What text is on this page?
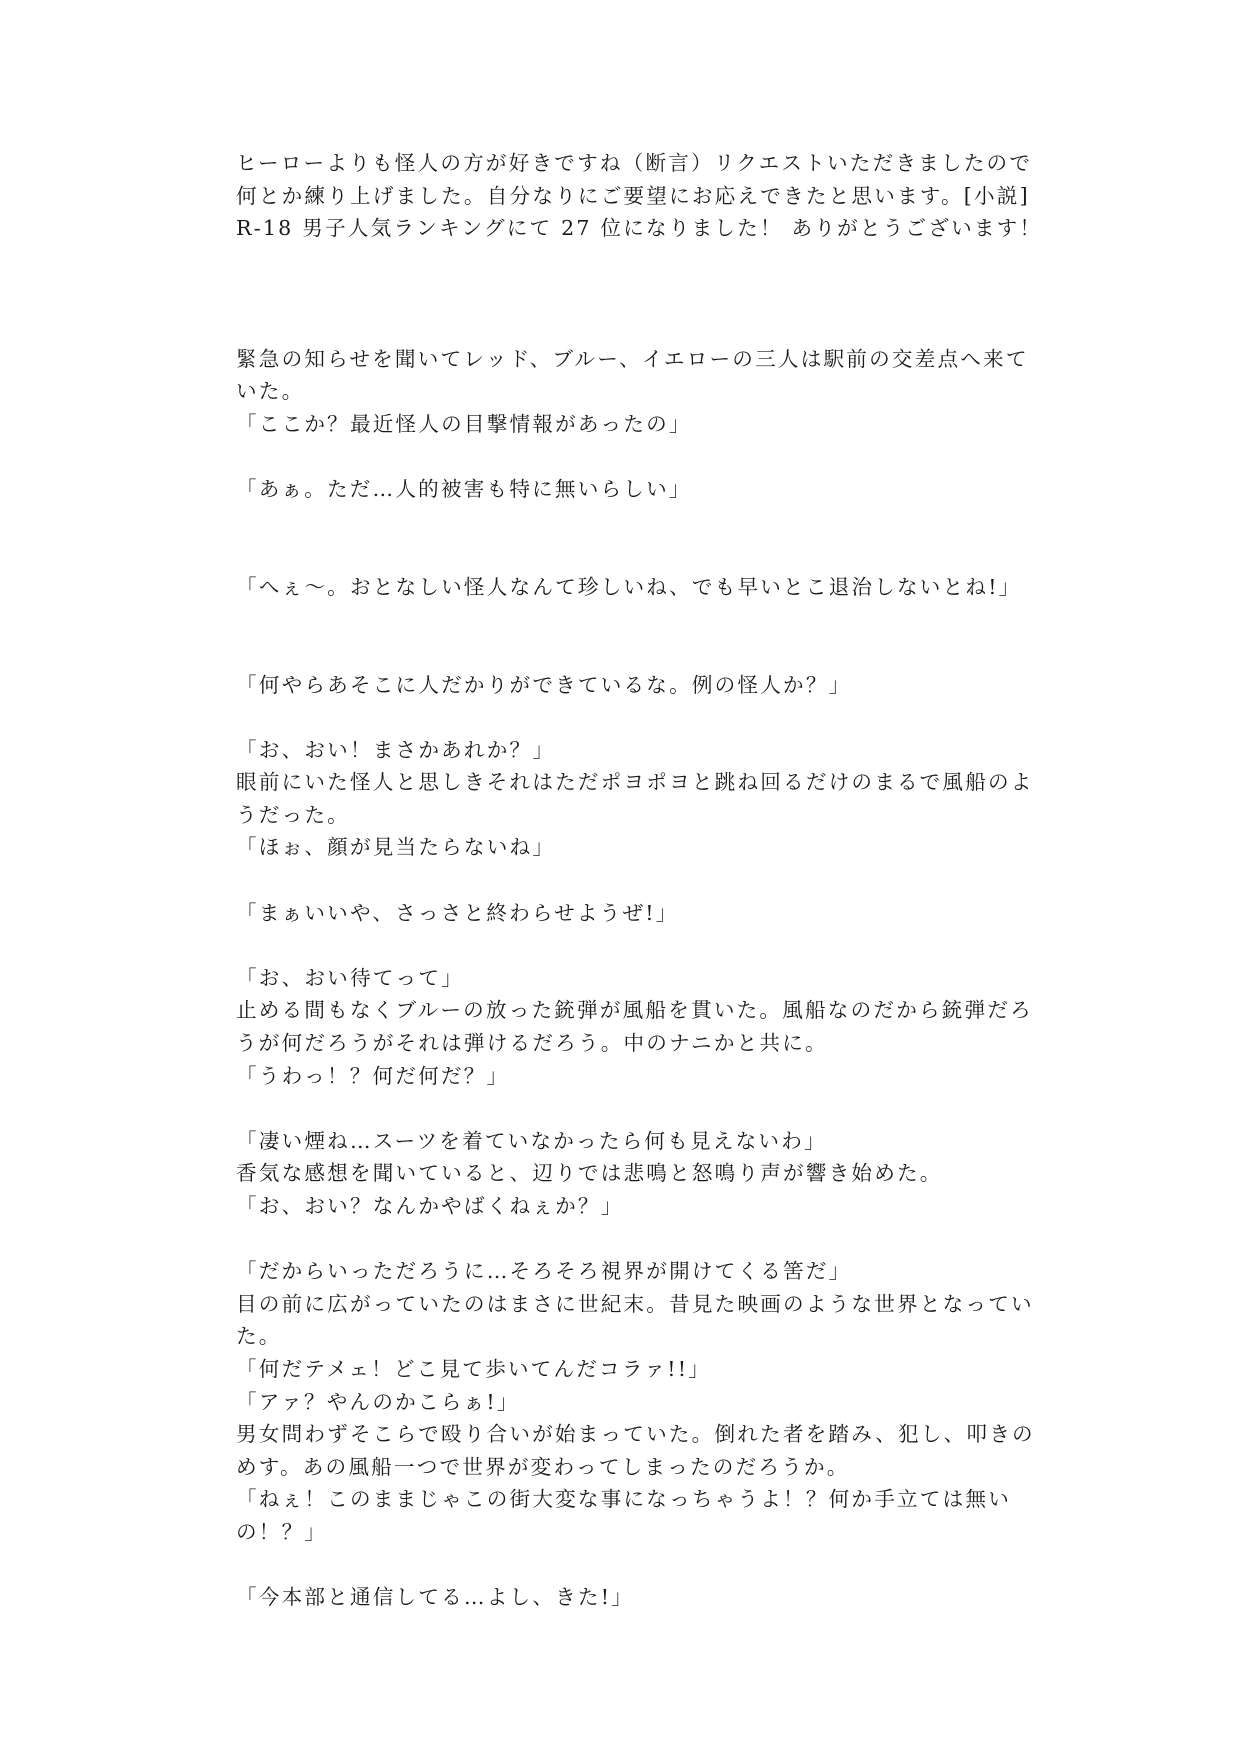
ヒーローよりも怪人の方が好きですね（断言）リクエストいただきましたので
何とか練り上げました。自分なりにご要望にお応えできたと思います。[小説]
R-18 男子人気ランキングにて 27 位になりました！ ありがとうございます！
緊急の知らせを聞いてレッド、ブルー、イエローの三人は駅前の交差点へ来て
いた。
「ここか？最近怪人の目撃情報があったの」
「あぁ。ただ…人的被害も特に無いらしい」
「へぇ〜。おとなしい怪人なんて珍しいね、でも早いとこ退治しないとね!」
「何やらあそこに人だかりができているな。例の怪人か？」
「お、おい！まさかあれか？」
眼前にいた怪人と思しきそれはただポヨポヨと跳ね回るだけのまるで風船のよ
うだった。
「ほぉ、顔が見当たらないね」
「まぁいいや、さっさと終わらせようぜ!」
「お、おい待てって」
止める間もなくブルーの放った銃弾が風船を貫いた。風船なのだから銃弾だろ
うが何だろうがそれは弾けるだろう。中のナニかと共に。
「うわっ！？何だ何だ？」
「凄い煙ね…スーツを着ていなかったら何も見えないわ」
香気な感想を聞いていると、辺りでは悲鳴と怒鳴り声が響き始めた。
「お、おい？なんかやばくねぇか？」
「だからいっただろうに…そろそろ視界が開けてくる筈だ」
目の前に広がっていたのはまさに世紀末。昔見た映画のような世界となってい
た。
「何だテメェ！どこ見て歩いてんだコラァ!!」
「アァ？やんのかこらぁ!」
男女問わずそこらで殴り合いが始まっていた。倒れた者を踏み、犯し、叩きの
めす。あの風船一つで世界が変わってしまったのだろうか。
「ねぇ！このままじゃこの街大変な事になっちゃうよ！？何か手立ては無い
の！？」
「今本部と通信してる…よし、きた!」
